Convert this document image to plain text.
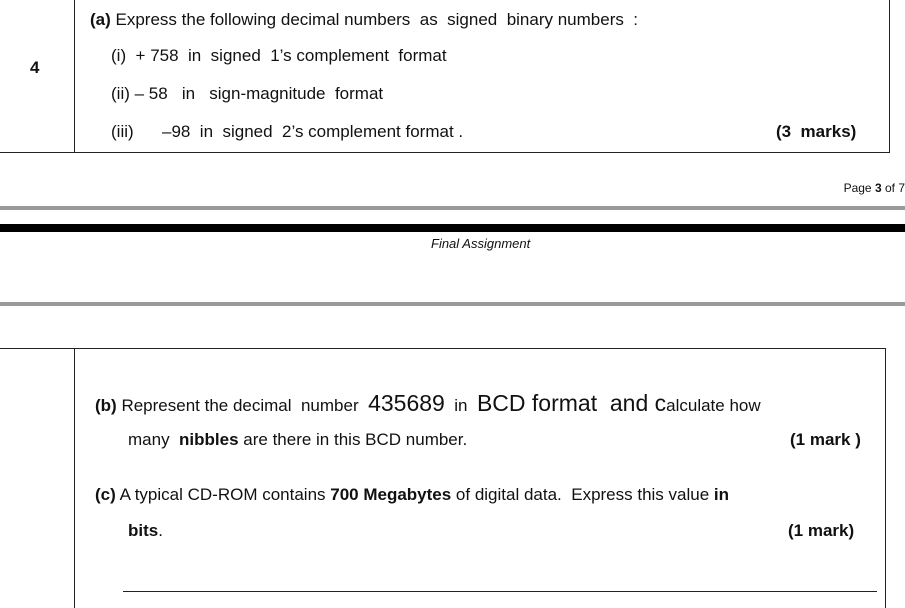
4
(a) Express the following decimal numbers  as  signed  binary numbers  :
(i)  + 758  in  signed  1’s complement  format
(ii) – 58   in   sign-magnitude  format
(iii)      –98  in  signed  2’s complement format .	(3  marks)
Page 3 of 7
Final Assignment
(b) Represent the decimal  number  435689  in  BCD format  and calculate how
many  nibbles are there in this BCD number.	(1 mark )
(c) A typical CD-ROM contains 700 Megabytes of digital data.  Express this value in
bits.	(1 mark)
